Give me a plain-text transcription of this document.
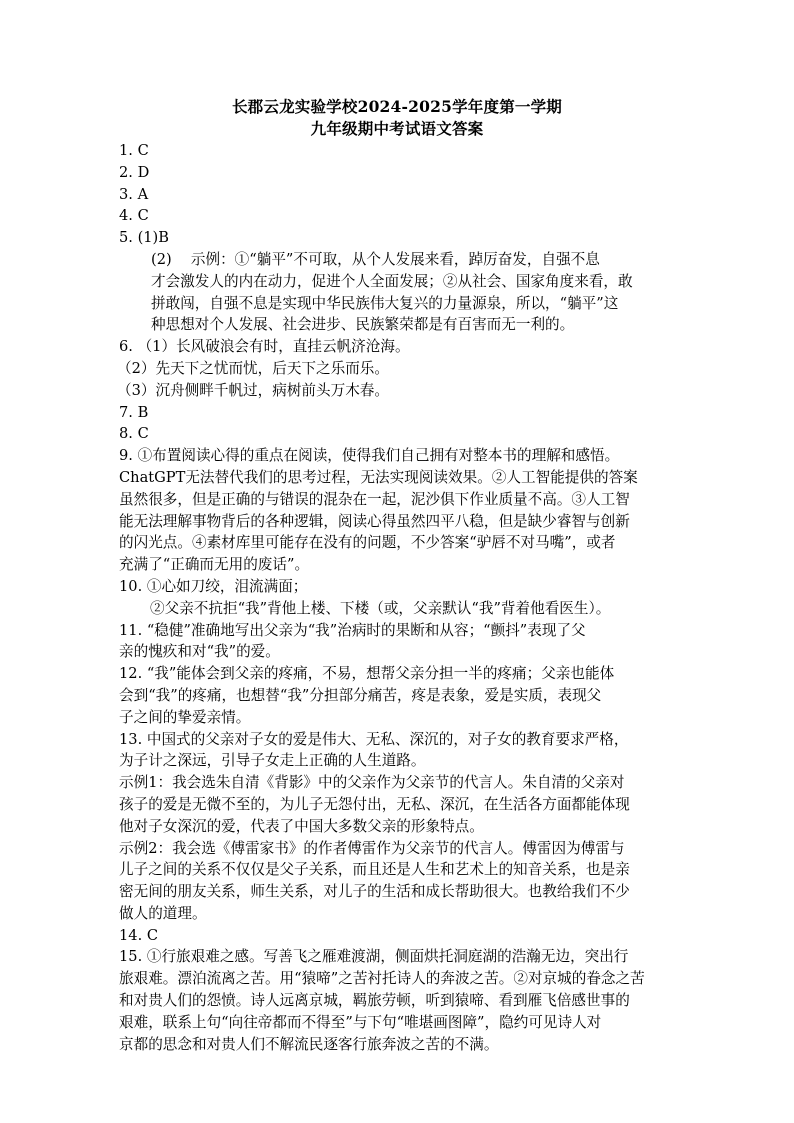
长郡云龙实验学校2024-2025学年度第一学期
九年级期中考试语文答案
1. C
2. D
3. A
4. C
5. (1)B
(2)　 示例：①“躺平”不可取，从个人发展来看，踔厉奋发，自强不息
才会激发人的内在动力，促进个人全面发展；②从社会、国家角度来看，敢
拼敢闯，自强不息是实现中华民族伟大复兴的力量源泉，所以，“躺平”这
种思想对个人发展、社会进步、民族繁荣都是有百害而无一利的。
6. （1）长风破浪会有时，直挂云帆济沧海。
（2）先天下之忧而忧，后天下之乐而乐。
（3）沉舟侧畔千帆过，病树前头万木春。
7. B
8. C
9. ①布置阅读心得的重点在阅读，使得我们自己拥有对整本书的理解和感悟。
ChatGPT无法替代我们的思考过程，无法实现阅读效果。②人工智能提供的答案
虽然很多，但是正确的与错误的混杂在一起，泥沙俱下作业质量不高。③人工智
能无法理解事物背后的各种逻辑，阅读心得虽然四平八稳，但是缺少睿智与创新
的闪光点。④素材库里可能存在没有的问题，不少答案“驴唇不对马嘴”，或者
充满了“正确而无用的废话”。
10. ①心如刀绞，泪流满面；
②父亲不抗拒“我”背他上楼、下楼（或，父亲默认“我”背着他看医生）。
11. “稳健”准确地写出父亲为“我”治病时的果断和从容；“颤抖”表现了父
亲的愧疚和对“我”的爱。
12. “我”能体会到父亲的疼痛，不易，想帮父亲分担一半的疼痛；父亲也能体
会到“我”的疼痛，也想替“我”分担部分痛苦，疼是表象，爱是实质，表现父
子之间的挚爱亲情。
13. 中国式的父亲对子女的爱是伟大、无私、深沉的，对子女的教育要求严格，
为子计之深远，引导子女走上正确的人生道路。
示例1：我会选朱自清《背影》中的父亲作为父亲节的代言人。朱自清的父亲对
孩子的爱是无微不至的，为儿子无怨付出，无私、深沉，在生活各方面都能体现
他对子女深沉的爱，代表了中国大多数父亲的形象特点。
示例2：我会选《傅雷家书》的作者傅雷作为父亲节的代言人。傅雷因为傅雷与
儿子之间的关系不仅仅是父子关系，而且还是人生和艺术上的知音关系，也是亲
密无间的朋友关系，师生关系，对儿子的生活和成长帮助很大。也教给我们不少
做人的道理。
14. C
15. ①行旅艰难之感。写善飞之雁难渡湖，侧面烘托洞庭湖的浩瀚无边，突出行
旅艰难。漂泊流离之苦。用“猿啼”之苦衬托诗人的奔波之苦。②对京城的眷念之苦
和对贵人们的怨愤。诗人远离京城，羁旅劳顿，听到猿啼、看到雁飞倍感世事的
艰难，联系上句“向往帝都而不得至”与下句“唯堪画图障”，隐约可见诗人对
京都的思念和对贵人们不解流民逐客行旅奔波之苦的不满。
